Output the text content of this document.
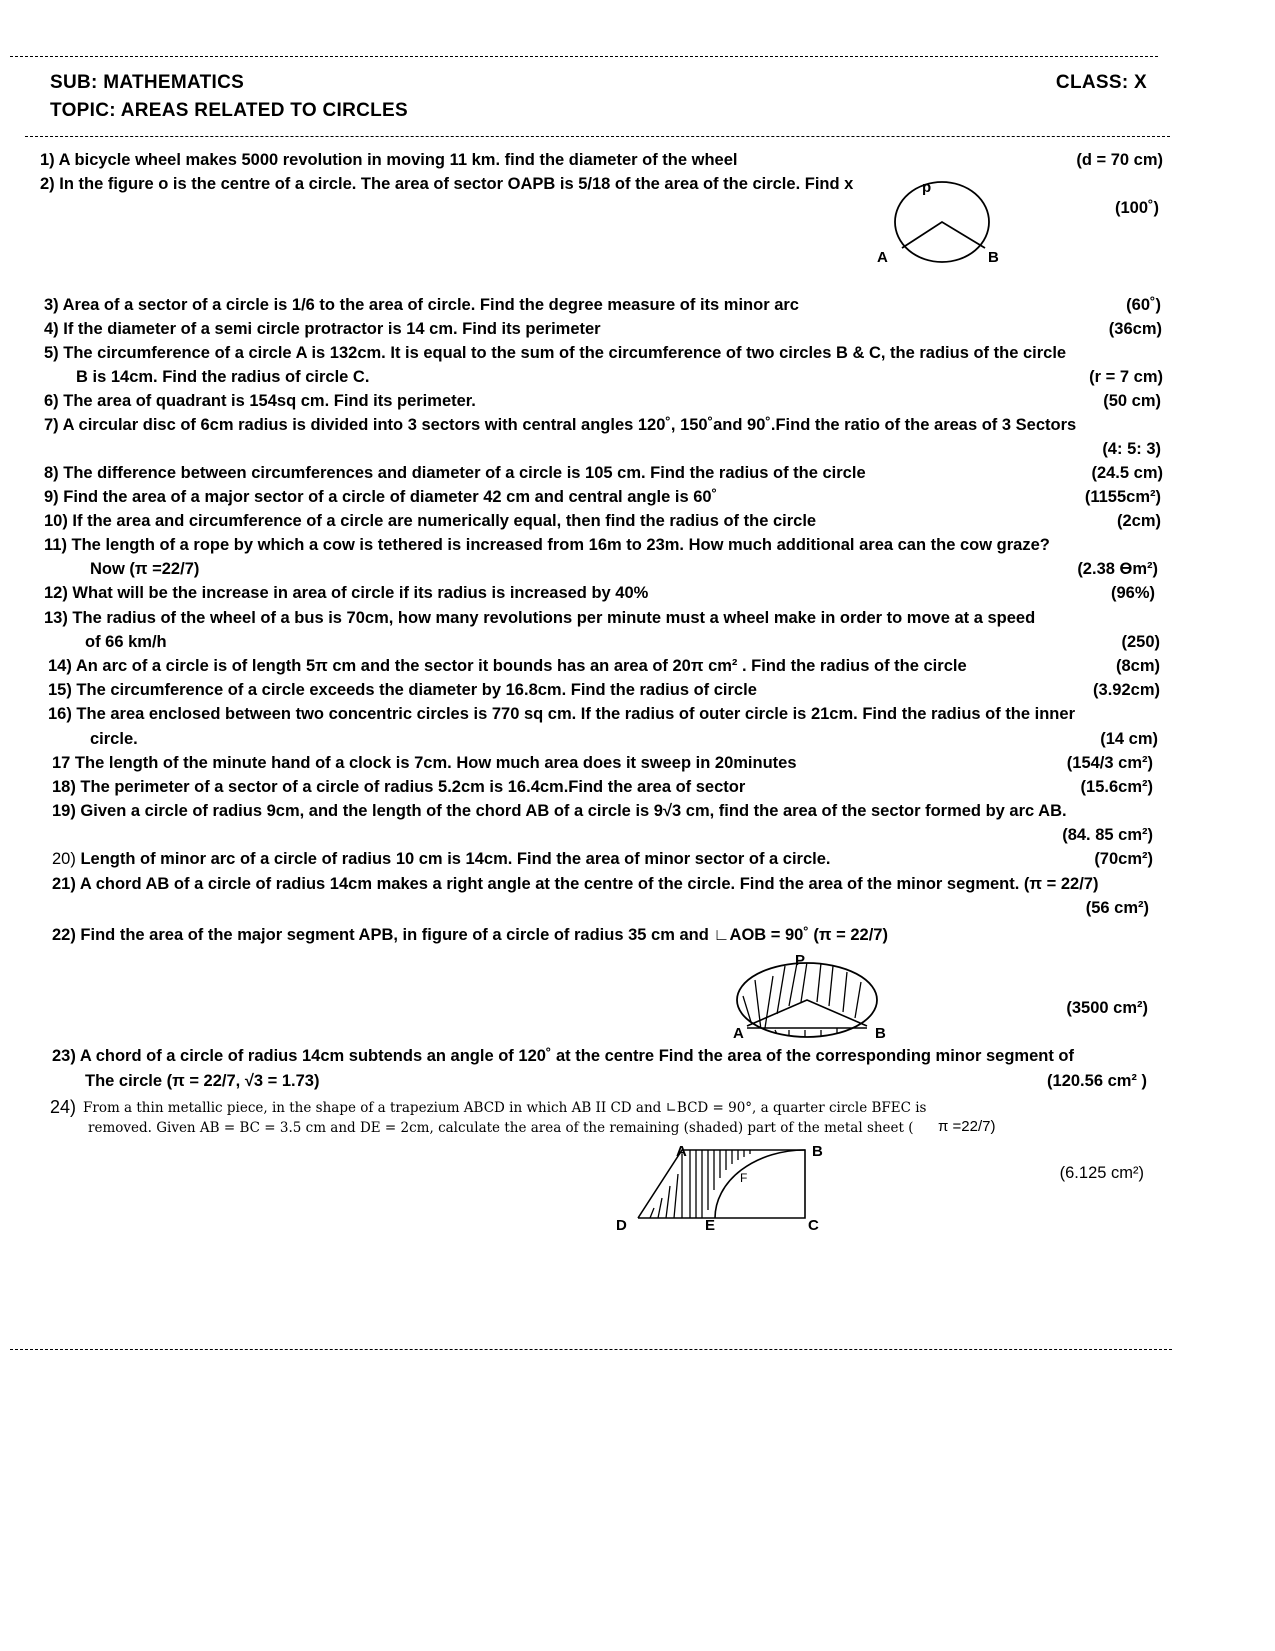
SUB: MATHEMATICS
TOPIC: AREAS RELATED TO CIRCLES
CLASS: X
1) A bicycle wheel makes 5000 revolution in moving 11 km. find the diameter of the wheel	(d = 70 cm)
2) In the figure o is the centre of a circle. The area of sector OAPB is 5/18 of the area of the circle. Find x
(100˚)
p
A	B
3) Area of a sector of a circle is 1/6 to the area of circle. Find the degree measure of its minor arc	(60˚)
4) If the diameter of a semi circle protractor is 14 cm. Find its perimeter	(36cm)
5) The circumference of a circle A is 132cm. It is equal to the sum of the circumference of two circles B & C, the radius of the circle
B is 14cm. Find the radius of circle C.	(r = 7 cm)
6) The area of quadrant is 154sq cm. Find its perimeter.	(50 cm)
7) A circular disc of 6cm radius is divided into 3 sectors with central angles 120˚, 150˚and 90˚.Find the ratio of the areas of 3 Sectors
(4: 5: 3)
8) The difference between circumferences and diameter of a circle is 105 cm. Find the radius of the circle	(24.5 cm)
9) Find the area of a major sector of a circle of diameter 42 cm and central angle is 60˚	(1155cm²)
10) If the area and circumference of a circle are numerically equal, then find the radius of the circle	(2cm)
11) The length of a rope by which a cow is tethered is increased from 16m to 23m. How much additional area can the cow graze?
Now (π =22/7)	(2.38 ϴm²)
12) What will be the increase in area of circle if its radius is increased by 40%	(96%)
13) The radius of the wheel of a bus is 70cm, how many revolutions per minute must a wheel make in order to move at a speed
of 66 km/h	(250)
14) An arc of a circle is of length 5π cm and the sector it bounds has an area of 20π cm² . Find the radius of the circle	(8cm)
15) The circumference of a circle exceeds the diameter by 16.8cm. Find the radius of circle	(3.92cm)
16) The area enclosed between two concentric circles is 770 sq cm. If the radius of outer circle is 21cm. Find the radius of the inner
circle.	(14 cm)
17 The length of the minute hand of a clock is 7cm. How much area does it sweep in 20minutes	(154/3 cm²)
18) The perimeter of a sector of a circle of radius 5.2cm is 16.4cm.Find the area of sector	(15.6cm²)
19) Given a circle of radius 9cm, and the length of the chord AB of a circle is 9√3 cm, find the area of the sector formed by arc AB.
(84. 85 cm²)
20) Length of minor arc of a circle of radius 10 cm is 14cm. Find the area of minor sector of a circle.	(70cm²)
21) A chord AB of a circle of radius 14cm makes a right angle at the centre of the circle. Find the area of the minor segment. (π = 22/7)
(56 cm²)
22) Find the area of the major segment APB, in figure of a circle of radius 35 cm and ∟AOB = 90˚ (π = 22/7)
(3500 cm²)
P
A	B
23) A chord of a circle of radius 14cm subtends an angle of 120˚ at the centre Find the area of the corresponding minor segment of
The circle (π = 22/7, √3 = 1.73)	(120.56 cm² )
24) From a thin metallic piece, in the shape of a trapezium ABCD in which AB II CD and ∟BCD = 90°, a quarter circle BFEC is
removed. Given AB = BC = 3.5 cm and DE = 2cm, calculate the area of the remaining (shaded) part of the metal sheet ( π =22/7)
(6.125 cm²)
A	B
C
D	E
F
